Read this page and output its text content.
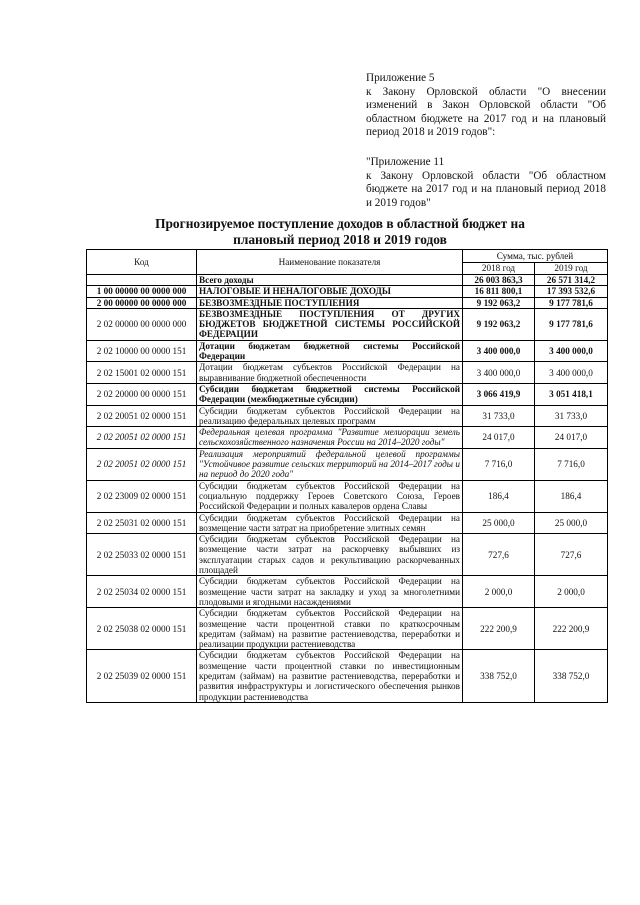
Приложение 5
к Закону Орловской области "О внесении изменений в Закон Орловской области "Об областном бюджете на 2017 год и на плановый период 2018 и 2019 годов":
"Приложение 11
к Закону Орловской области "Об областном бюджете на 2017 год и на плановый период 2018 и 2019 годов"
Прогнозируемое поступление доходов в областной бюджет на
плановый период 2018 и 2019 годов
Код	Наименование показателя	Сумма, тыс. рублей	
		2018 год	2019 год
	Всего доходы	26 003 863,3	26 571 314,2
1 00 00000 00 0000 000	НАЛОГОВЫЕ И НЕНАЛОГОВЫЕ ДОХОДЫ	16 811 800,1	17 393 532,6
2 00 00000 00 0000 000	БЕЗВОЗМЕЗДНЫЕ ПОСТУПЛЕНИЯ	9 192 063,2	9 177 781,6
2 02 00000 00 0000 000	БЕЗВОЗМЕЗДНЫЕ ПОСТУПЛЕНИЯ ОТ ДРУГИХ БЮДЖЕТОВ БЮДЖЕТНОЙ СИСТЕМЫ РОССИЙСКОЙ ФЕДЕРАЦИИ	9 192 063,2	9 177 781,6
2 02 10000 00 0000 151	Дотации бюджетам бюджетной системы Российской Федерации	3 400 000,0	3 400 000,0
2 02 15001 02 0000 151	Дотации бюджетам субъектов Российской Федерации на выравнивание бюджетной обеспеченности	3 400 000,0	3 400 000,0
2 02 20000 00 0000 151	Субсидии бюджетам бюджетной системы Российской Федерации (межбюджетные субсидии)	3 066 419,9	3 051 418,1
2 02 20051 02 0000 151	Субсидии бюджетам субъектов Российской Федерации на реализацию федеральных целевых программ	31 733,0	31 733,0
2 02 20051 02 0000 151	Федеральная целевая программа "Развитие мелиорации земель сельскохозяйственного назначения России на 2014–2020 годы"	24 017,0	24 017,0
2 02 20051 02 0000 151	Реализация мероприятий федеральной целевой программы "Устойчивое развитие сельских территорий на 2014–2017 годы и на период до 2020 года"	7 716,0	7 716,0
2 02 23009 02 0000 151	Субсидии бюджетам субъектов Российской Федерации на социальную поддержку Героев Советского Союза, Героев Российской Федерации и полных кавалеров ордена Славы	186,4	186,4
2 02 25031 02 0000 151	Субсидии бюджетам субъектов Российской Федерации на возмещение части затрат на приобретение элитных семян	25 000,0	25 000,0
2 02 25033 02 0000 151	Субсидии бюджетам субъектов Российской Федерации на возмещение части затрат на раскорчевку выбывших из эксплуатации старых садов и рекультивацию раскорчеванных площадей	727,6	727,6
2 02 25034 02 0000 151	Субсидии бюджетам субъектов Российской Федерации на возмещение части затрат на закладку и уход за многолетними плодовыми и ягодными насаждениями	2 000,0	2 000,0
2 02 25038 02 0000 151	Субсидии бюджетам субъектов Российской Федерации на возмещение части процентной ставки по краткосрочным кредитам (займам) на развитие растениеводства, переработки и реализации продукции растениеводства	222 200,9	222 200,9
2 02 25039 02 0000 151	Субсидии бюджетам субъектов Российской Федерации на возмещение части процентной ставки по инвестиционным кредитам (займам) на развитие растениеводства, переработки и развития инфраструктуры и логистического обеспечения рынков продукции растениеводства	338 752,0	338 752,0
